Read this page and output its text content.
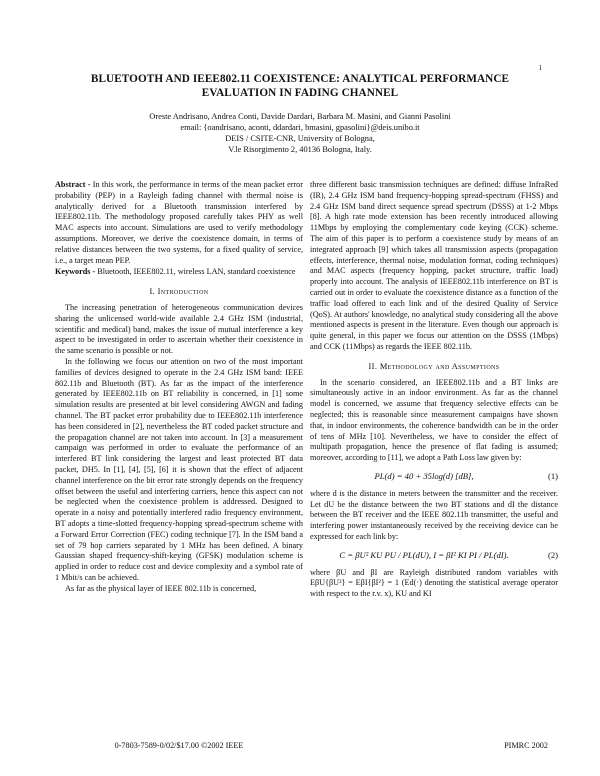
1
BLUETOOTH AND IEEE802.11 COEXISTENCE: ANALYTICAL PERFORMANCE
EVALUATION IN FADING CHANNEL
Oreste Andrisano, Andrea Conti, Davide Dardari, Barbara M. Masini, and Gianni Pasolini
email: {oandrisano, aconti, ddardari, bmasini, gpasolini}@deis.unibo.it
DEIS / CSITE-CNR, University of Bologna,
V.le Risorgimento 2, 40136 Bologna, Italy.

Abstract - In this work, the performance in terms of the mean packet error probability (PEP) in a Rayleigh fading channel with thermal noise is analytically derived for a Bluetooth transmission interfered by IEEE802.11b. The methodology proposed carefully takes PHY as well MAC aspects into account. Simulations are used to verify methodology assumptions. Moreover, we derive the coexistence domain, in terms of relative distances between the two systems, for a fixed quality of service, i.e., a target mean PEP.

Keywords - Bluetooth, IEEE802.11, wireless LAN, standard coexistence

I. Introduction

The increasing penetration of heterogeneous communication devices sharing the unlicensed world-wide available 2.4 GHz ISM (industrial, scientific and medical) band, makes the issue of mutual interference a key aspect to be investigated in order to ascertain whether their coexistence in the same scenario is possible or not.

In the following we focus our attention on two of the most important families of devices designed to operate in the 2.4 GHz ISM band: IEEE 802.11b and Bluetooth (BT). As far as the impact of the interference generated by IEEE802.11b on BT reliability is concerned, in [1] some simulation results are presented at bit level considering AWGN and fading channel. The BT packet error probability due to IEEE802.11b interference has been considered in [2], nevertheless the BT coded packet structure and the propagation channel are not taken into account. In [3] a measurement campaign was performed in order to evaluate the performance of an interfered BT link considering the largest and least protected BT data packet, DH5. In [1], [4], [5], [6] it is shown that the effect of adjacent channel interference on the bit error rate strongly depends on the frequency offset between the useful and interfering carriers, hence this aspect can not be neglected when the coexistence problem is addressed. Designed to operate in a noisy and potentially interfered radio frequency environment, BT adopts a time-slotted frequency-hopping spread-spectrum scheme with a Forward Error Correction (FEC) coding technique [7]. In the ISM band a set of 79 hop carriers separated by 1 MHz has been defined. A binary Gaussian shaped frequency-shift-keying (GFSK) modulation scheme is applied in order to reduce cost and device complexity and a symbol rate of 1 Mbit/s can be achieved.

As far as the physical layer of IEEE 802.11b is concerned,

three different basic transmission techniques are defined: diffuse InfraRed (IR), 2.4 GHz ISM band frequency-hopping spread-spectrum (FHSS) and 2.4 GHz ISM band direct sequence spread spectrum (DSSS) at 1-2 Mbps [8]. A high rate mode extension has been recently introduced allowing 11Mbps by employing the complementary code keying (CCK) scheme. The aim of this paper is to perform a coexistence study by means of an integrated approach [9] which takes all transmission aspects (propagation effects, interference, thermal noise, modulation format, coding techniques) and MAC aspects (frequency hopping, packet structure, traffic load) properly into account. The analysis of IEEE802.11b interference on BT is carried out in order to evaluate the coexistence distance as a function of the traffic load offered to each link and of the desired Quality of Service (QoS). At authors' knowledge, no analytical study considering all the above mentioned aspects is present in the literature. Even though our approach is quite general, in this paper we focus our attention on the DSSS (1Mbps) and CCK (11Mbps) as regards the IEEE 802.11b.

II. Methodology and Assumptions

In the scenario considered, an IEEE802.11b and a BT links are simultaneously active in an indoor environment. As far as the channel model is concerned, we assume that frequency selective effects can be neglected; this is reasonable since measurement campaigns have shown that, in indoor environments, the coherence bandwidth can be in the order of tens of MHz [10]. Nevertheless, we have to consider the effect of multipath propagation, hence the presence of flat fading is assumed; moreover, according to [11], we adopt a Path Loss law given by:

PL(d) = 40 + 35log(d) [dB],	(1)

where d is the distance in meters between the transmitter and the receiver. Let dU be the distance between the two BT stations and dI the distance between the BT receiver and the IEEE 802.11b transmitter, the useful and interfering power instantaneously received by the receiving device can be expressed for each link by:

C = βU² KU PU / PL(dU), I = βI² KI PI / PL(dI).	(2)

where βU and βI are Rayleigh distributed random variables with EβU{βU²} = EβI{βI²} = 1 (Ed(·) denoting the statistical average operator with respect to the r.v. x), KU and KI

0-7803-7589-0/02/$17.00 ©2002 IEEE	PIMRC 2002
